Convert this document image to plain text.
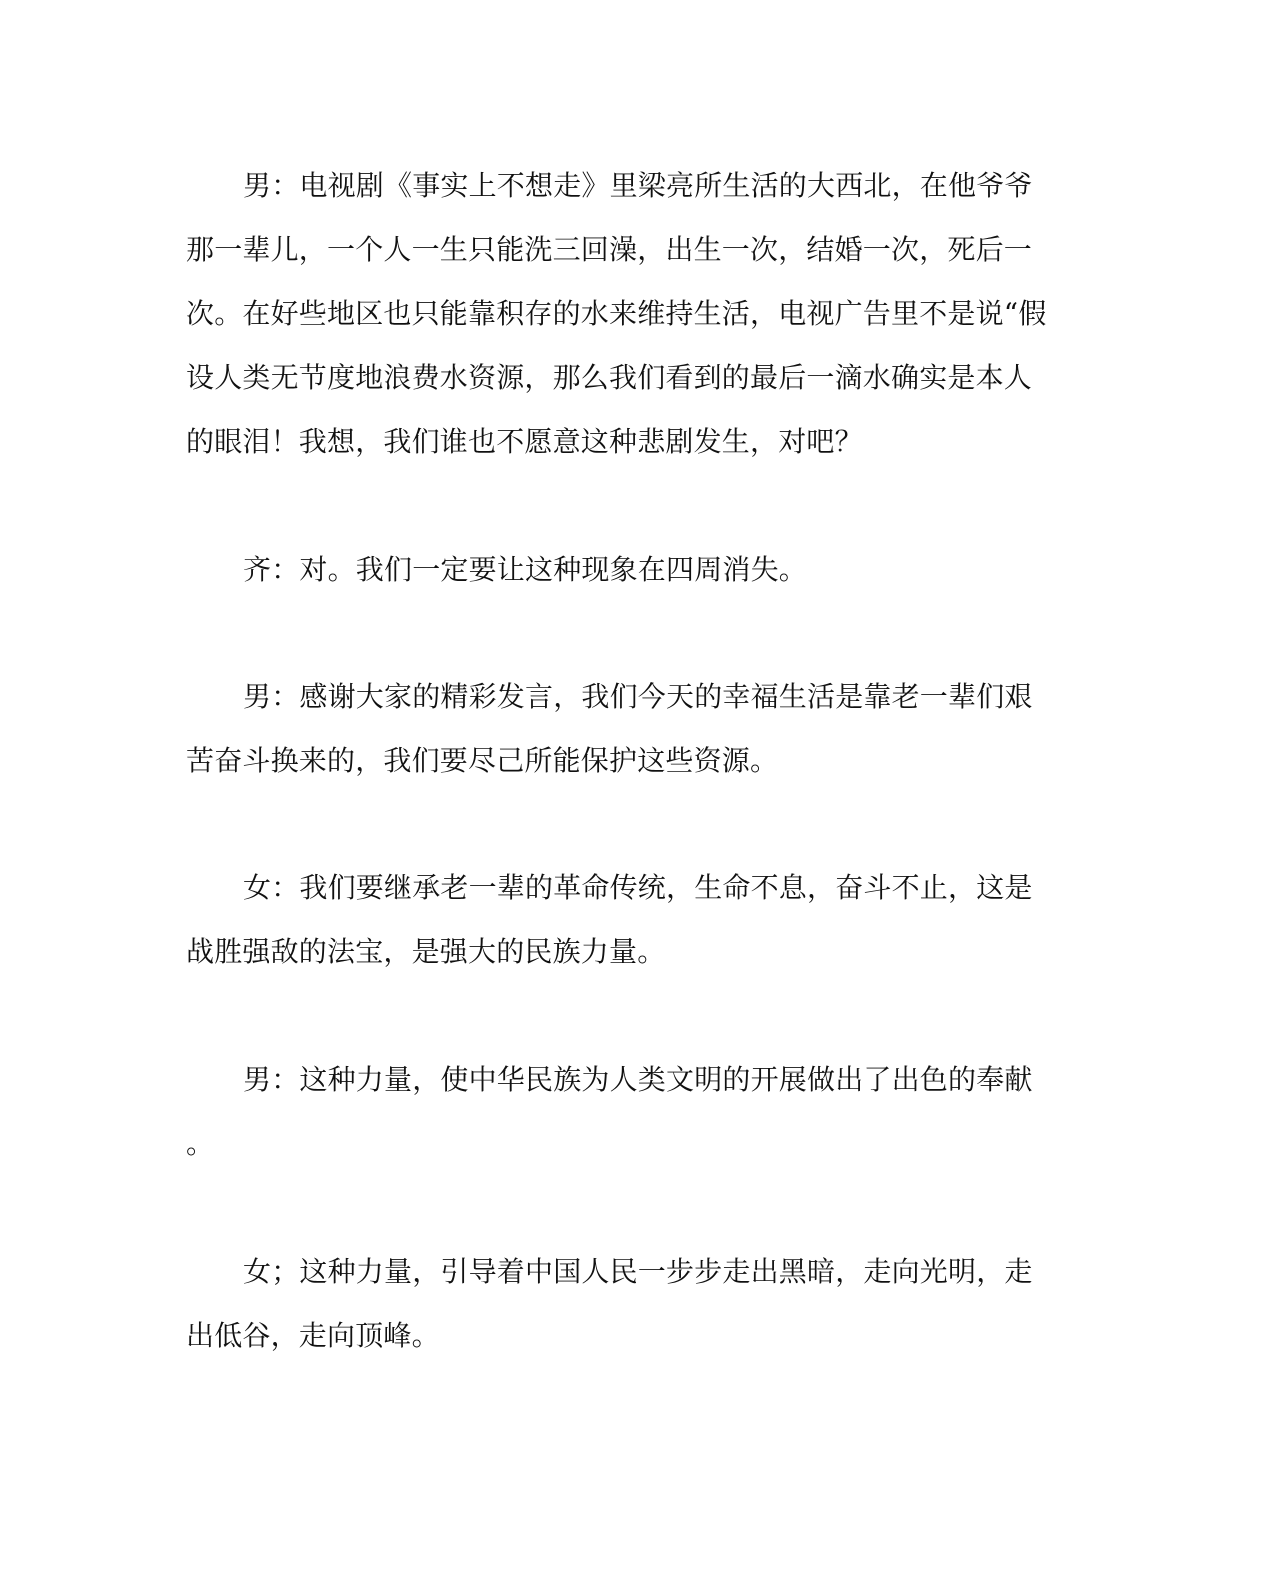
男：电视剧《事实上不想走》里梁亮所生活的大西北，在他爷爷

那一辈儿，一个人一生只能洗三回澡，出生一次，结婚一次，死后一

次。在好些地区也只能靠积存的水来维持生活，电视广告里不是说“假

设人类无节度地浪费水资源，那么我们看到的最后一滴水确实是本人

的眼泪！我想，我们谁也不愿意这种悲剧发生，对吧？

齐：对。我们一定要让这种现象在四周消失。

男：感谢大家的精彩发言，我们今天的幸福生活是靠老一辈们艰

苦奋斗换来的，我们要尽己所能保护这些资源。

女：我们要继承老一辈的革命传统，生命不息，奋斗不止，这是

战胜强敌的法宝，是强大的民族力量。

男：这种力量，使中华民族为人类文明的开展做出了出色的奉献

。

女；这种力量，引导着中国人民一步步走出黑暗，走向光明，走

出低谷，走向顶峰。
